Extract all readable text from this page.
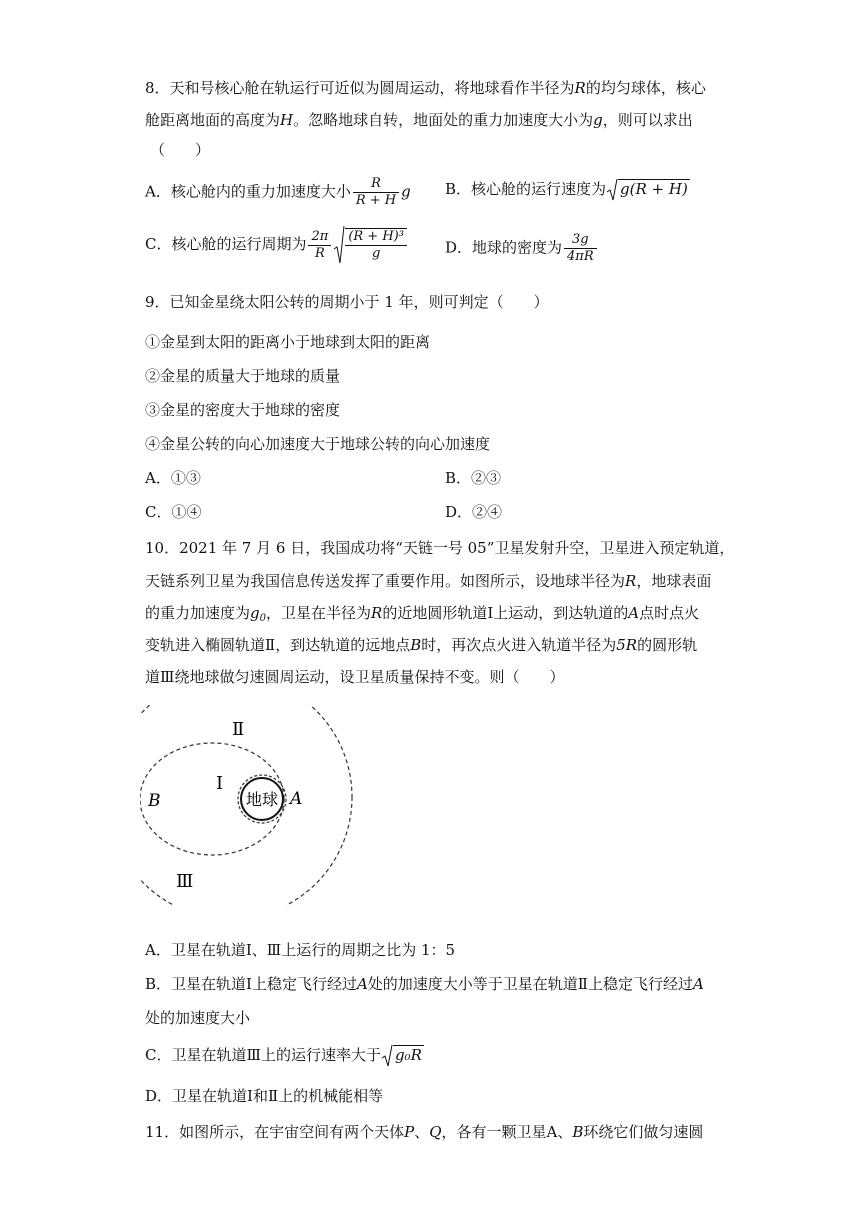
8．天和号核心舱在轨运行可近似为圆周运动，将地球看作半径为R的均匀球体，核心
舱距离地面的高度为H。忽略地球自转，地面处的重力加速度大小为g，则可以求出
（　　）
A．核心舱内的重力加速度大小 $\frac{R}{R + H}$ g B．核心舱的运行速度为 g(R + H)
C．核心舱的运行周期为 $\frac{2\pi}{R} \frac{\text{(R + H)³}}{g}$	D．地球的密度为 $\frac{3g}{4\pi R}$
9．已知金星绕太阳公转的周期小于 1 年，则可判定（　　）
①金星到太阳的距离小于地球到太阳的距离
②金星的质量大于地球的质量
③金星的密度大于地球的密度
④金星公转的向心加速度大于地球公转的向心加速度
A．①③	B．②③
C．①④	D．②④
10．2021 年 7 月 6 日，我国成功将“天链一号 05”卫星发射升空，卫星进入预定轨道，
天链系列卫星为我国信息传送发挥了重要作用。如图所示，设地球半径为R，地球表面
的重力加速度为$g_0$，卫星在半径为R的近地圆形轨道Ⅰ上运动，到达轨道的A点时点火
变轨进入椭圆轨道Ⅱ，到达轨道的远地点B时，再次点火进入轨道半径为5R的圆形轨
道Ⅲ绕地球做匀速圆周运动，设卫星质量保持不变。则（　　）
地球
Ⅱ
Ⅰ
Ⅲ
B	A
A．卫星在轨道Ⅰ、Ⅲ上运行的周期之比为 1：5
B．卫星在轨道Ⅰ上稳定飞行经过A处的加速度大小等于卫星在轨道Ⅱ上稳定飞行经过A
处的加速度大小
C．卫星在轨道Ⅲ上的运行速率大于 g₀R
D．卫星在轨道Ⅰ和Ⅱ上的机械能相等
11．如图所示，在宇宙空间有两个天体P、Q，各有一颗卫星A、B环绕它们做匀速圆
